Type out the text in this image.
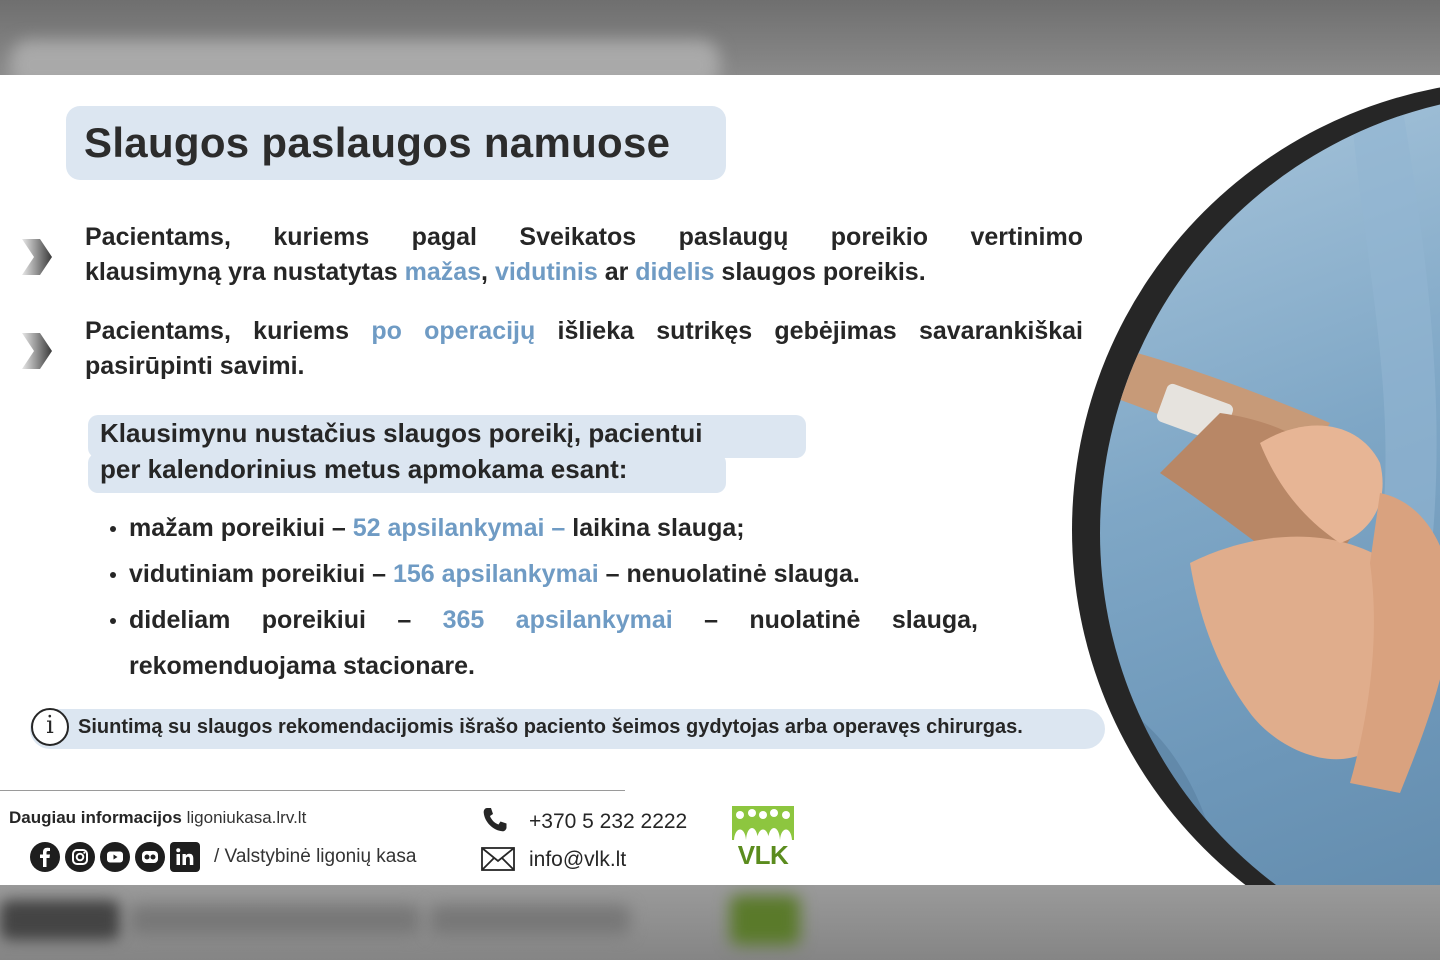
Slaugos paslaugos namuose
Pacientams, kuriems pagal Sveikatos paslaugų poreikio vertinimo
klausimyną yra nustatytas mažas, vidutinis ar didelis slaugos poreikis.
Pacientams, kuriems po operacijų išlieka sutrikęs gebėjimas savarankiškai
pasirūpinti savimi.

Klausimynu nustačius slaugos poreikį, pacientui

per kalendorinius metus apmokama esant:

mažam poreikiui – 52 apsilankymai – laikina slauga;

vidutiniam poreikiui – 156 apsilankymai – nenuolatinė slauga.

dideliam poreikiui – 365 apsilankymai – nuolatinė slauga,
rekomenduojama stacionare.

i	Siuntimą su slaugos rekomendacijomis išrašo paciento šeimos gydytojas arba operavęs chirurgas.

Daugiau informacijos ligoniukasa.lrv.lt

/ Valstybinė ligonių kasa

+370 5 232 2222

info@vlk.lt	VLK
